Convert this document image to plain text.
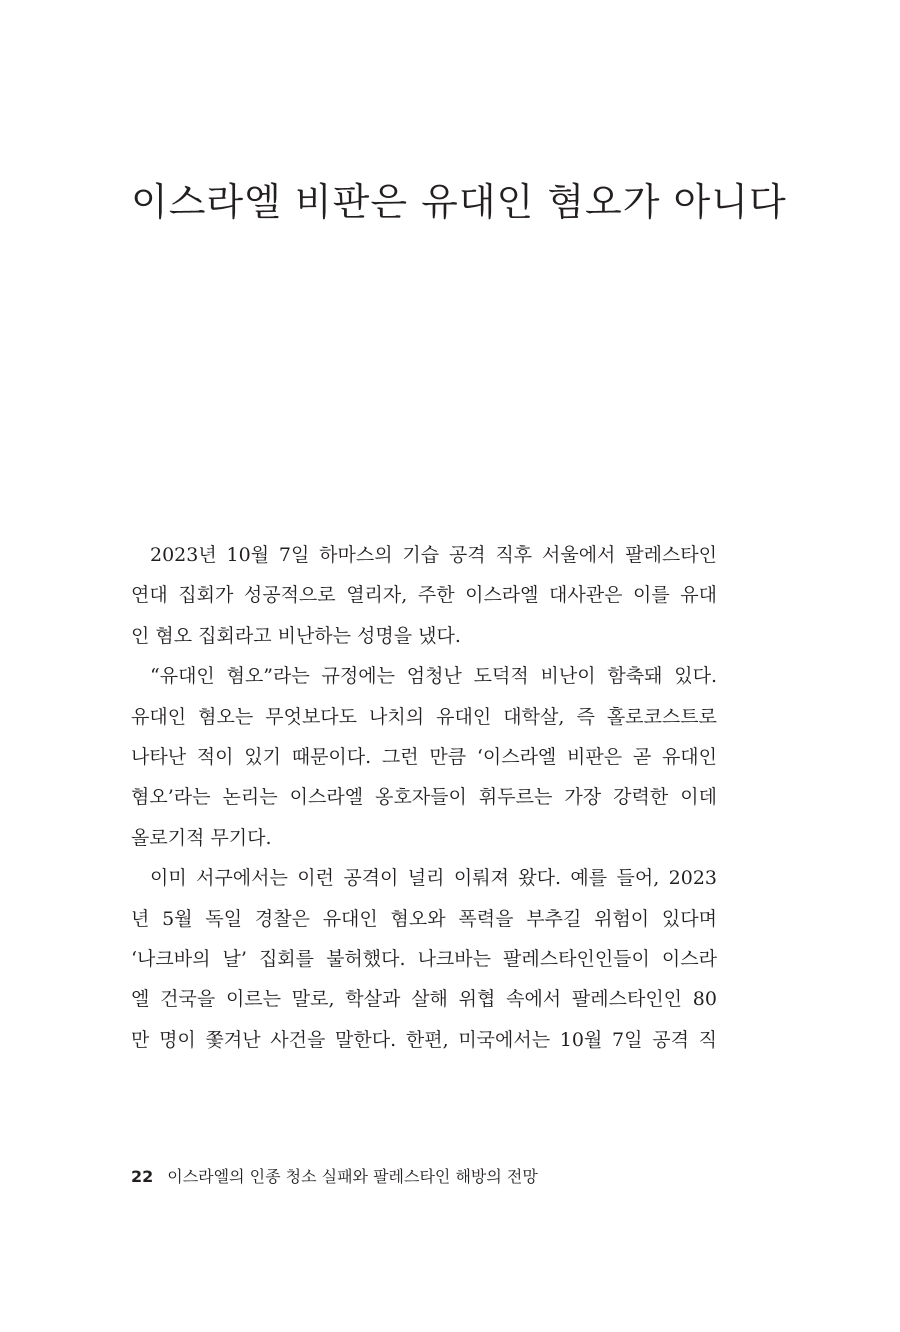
이스라엘 비판은 유대인 혐오가 아니다
2023년 10월 7일 하마스의 기습 공격 직후 서울에서 팔레스타인
연대 집회가 성공적으로 열리자, 주한 이스라엘 대사관은 이를 유대
인 혐오 집회라고 비난하는 성명을 냈다.
“유대인 혐오”라는 규정에는 엄청난 도덕적 비난이 함축돼 있다.
유대인 혐오는 무엇보다도 나치의 유대인 대학살, 즉 홀로코스트로
나타난 적이 있기 때문이다. 그런 만큼 ‘이스라엘 비판은 곧 유대인
혐오’라는 논리는 이스라엘 옹호자들이 휘두르는 가장 강력한 이데
올로기적 무기다.
이미 서구에서는 이런 공격이 널리 이뤄져 왔다. 예를 들어, 2023
년 5월 독일 경찰은 유대인 혐오와 폭력을 부추길 위험이 있다며
‘나크바의 날’ 집회를 불허했다. 나크바는 팔레스타인인들이 이스라
엘 건국을 이르는 말로, 학살과 살해 위협 속에서 팔레스타인인 80
만 명이 쫓겨난 사건을 말한다. 한편, 미국에서는 10월 7일 공격 직
22 이스라엘의 인종 청소 실패와 팔레스타인 해방의 전망
